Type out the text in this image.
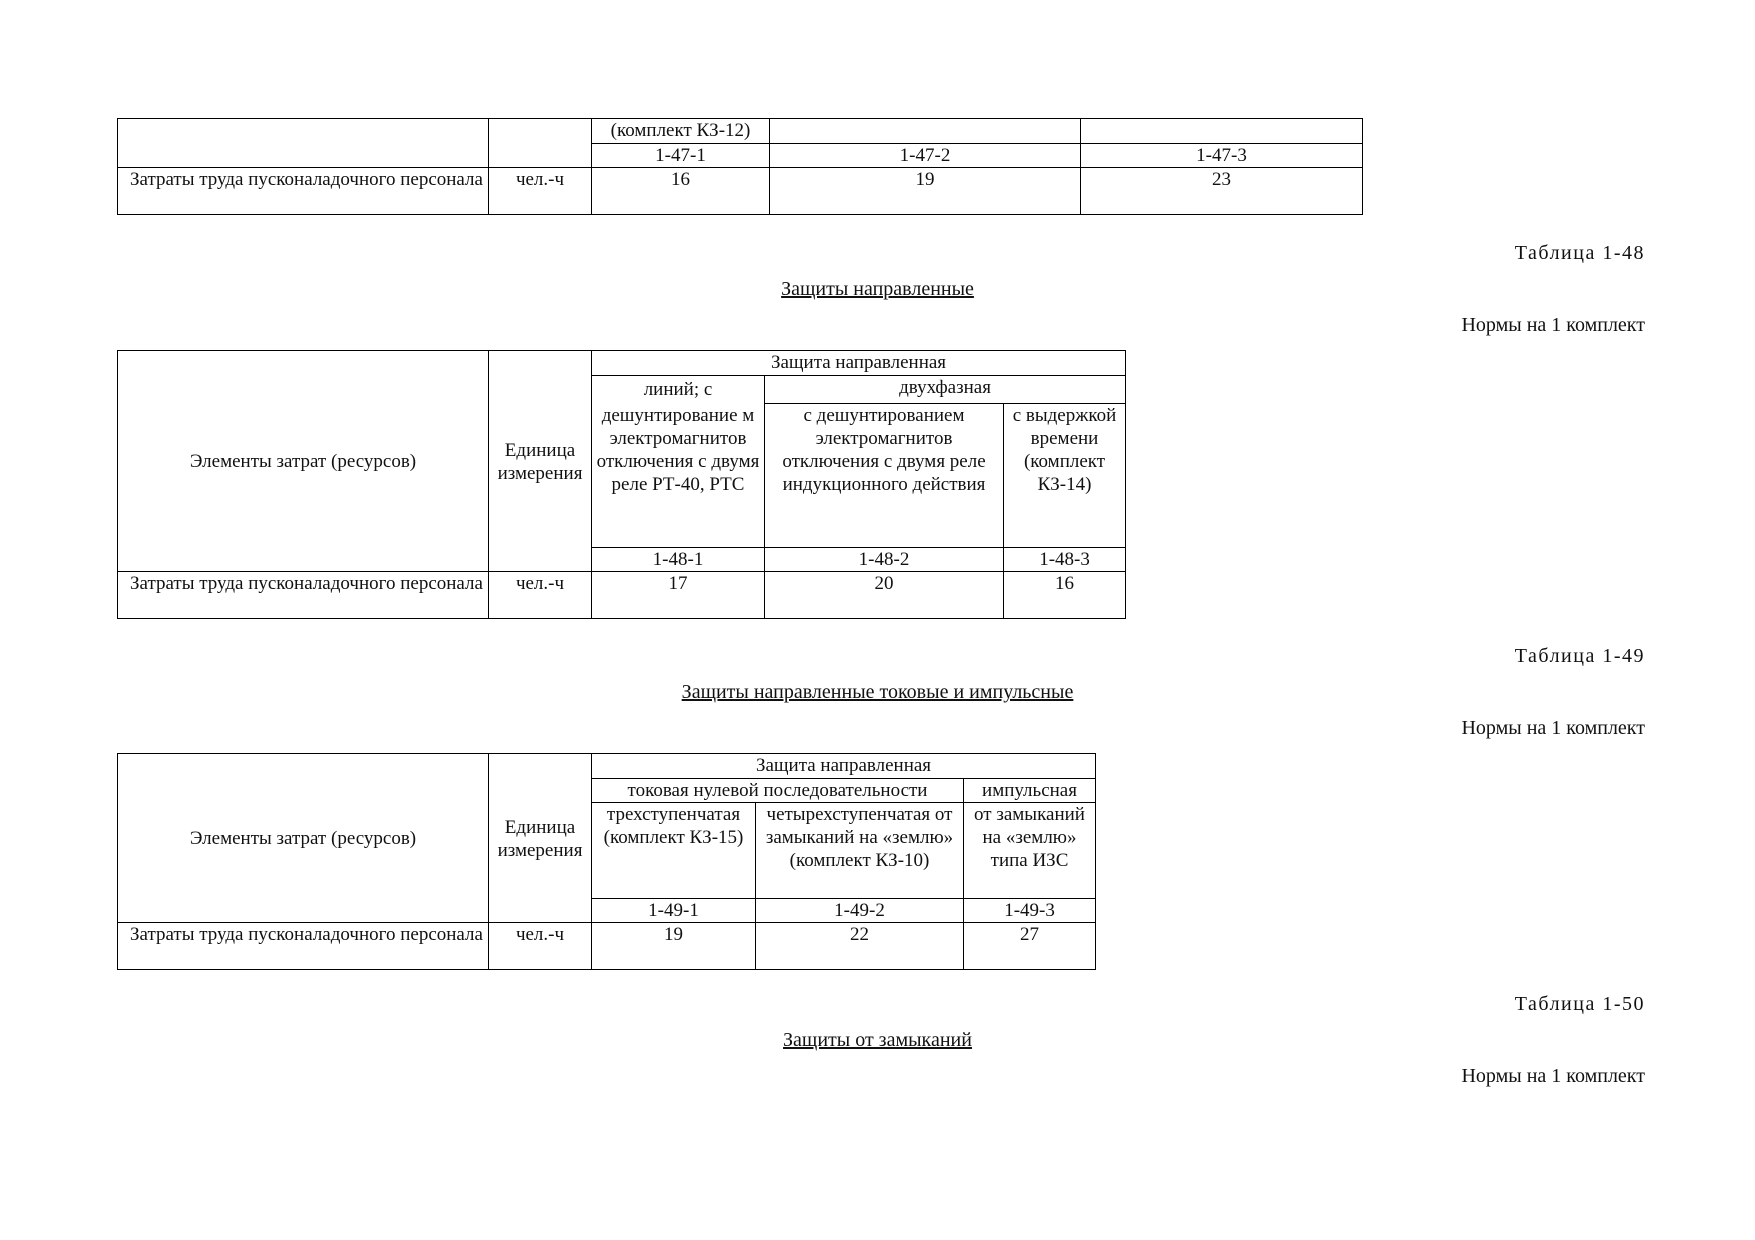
		(комплект КЗ-12)		
		1-47-1	1-47-2	1-47-3
Затраты труда пусконаладочного персонала	чел.-ч	16	19	23
Таблица 1-48
Защиты направленные
Нормы на 1 комплект
		Защита направленная		
Элементы затрат (ресурсов)	Единица измерения	линий; с	двухфазная	
		дешунтирование м электромагнитов отключения с двумя реле РТ-40, РТС	с дешунтированием электромагнитов отключения с двумя реле индукционного действия	с выдержкой времени (комплект КЗ-14)
		1-48-1	1-48-2	1-48-3
Затраты труда пусконаладочного персонала	чел.-ч	17	20	16
Таблица 1-49
Защиты направленные токовые и импульсные
Нормы на 1 комплект
		Защита направленная		
Элементы затрат (ресурсов)	Единица измерения	токовая нулевой последовательности		импульсная
		трехступенчатая (комплект КЗ-15)	четырехступенчатая от замыканий на «землю» (комплект КЗ-10)	от замыканий на «землю» типа ИЗС
		1-49-1	1-49-2	1-49-3
Затраты труда пусконаладочного персонала	чел.-ч	19	22	27
Таблица 1-50
Защиты от замыканий
Нормы на 1 комплект
